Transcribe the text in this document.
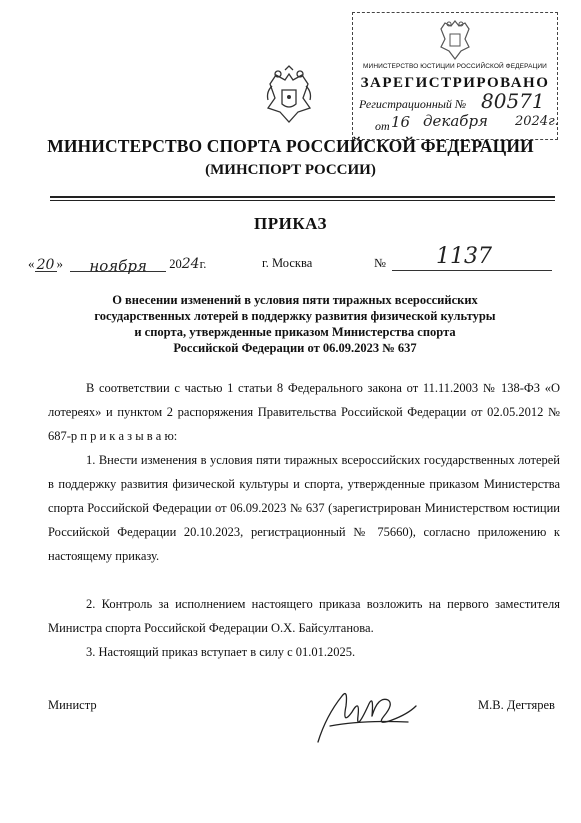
МИНИСТЕРСТВО ЮСТИЦИИ РОССИЙСКОЙ ФЕДЕРАЦИИ
ЗАРЕГИСТРИРОВАНО
Регистрационный № 80571
от 16 декабря 2024г.
МИНИСТЕРСТВО СПОРТА РОССИЙСКОЙ ФЕДЕРАЦИИ
(МИНСПОРТ РОССИИ)
ПРИКАЗ
« 20 » ноября 2024г.	г. Москва	№ 1137
О внесении изменений в условия пяти тиражных всероссийских
государственных лотерей в поддержку развития физической культуры
и спорта, утвержденные приказом Министерства спорта
Российской Федерации от 06.09.2023 № 637
В соответствии с частью 1 статьи 8 Федерального закона от 11.11.2003 № 138-ФЗ «О лотереях» и пунктом 2 распоряжения Правительства Российской Федерации от 02.05.2012 № 687-р п р и к а з ы в а ю:
1. Внести изменения в условия пяти тиражных всероссийских государственных лотерей в поддержку развития физической культуры и спорта, утвержденные приказом Министерства спорта Российской Федерации от 06.09.2023 № 637 (зарегистрирован Министерством юстиции Российской Федерации 20.10.2023, регистрационный № 75660), согласно приложению к настоящему приказу.
2. Контроль за исполнением настоящего приказа возложить на первого заместителя Министра спорта Российской Федерации О.Х. Байсултанова.
3. Настоящий приказ вступает в силу с 01.01.2025.
Министр	М.В. Дегтярев
